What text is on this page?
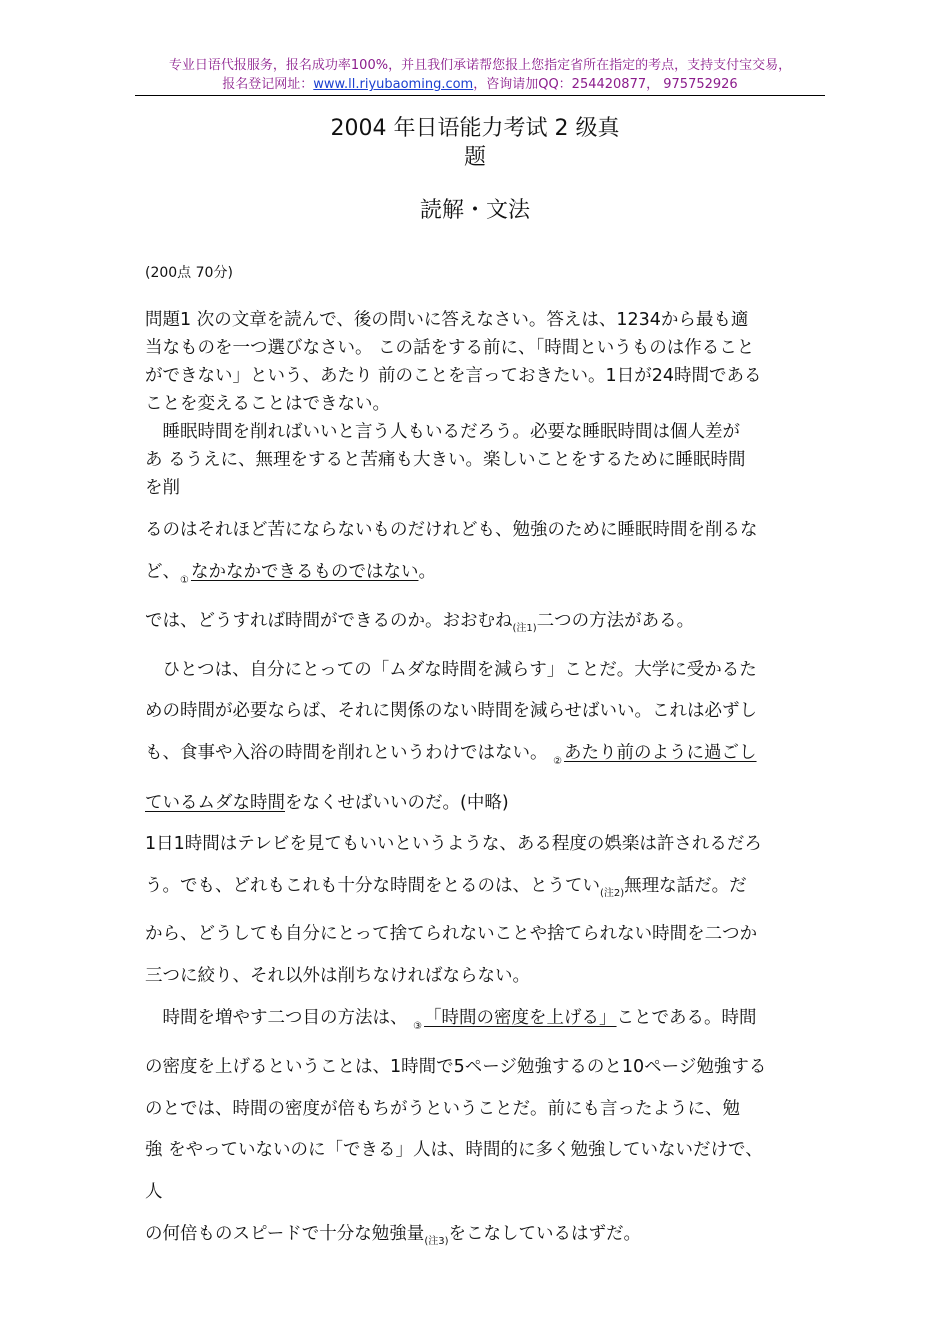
专业日语代报服务，报名成功率100%，并且我们承诺帮您报上您指定省所在指定的考点，支持支付宝交易，
报名登记网址：www.ll.riyubaoming.com，咨询请加QQ：254420877， 975752926
2004 年日语能力考试 2 级真
题
読解・文法
(200点 70分)
問題1 次の文章を読んで、後の問いに答えなさい。答えは、1234から最も適
当なものを一つ選びなさい。 この話をする前に、「時間というものは作ること
ができない」という、あたり 前のことを言っておきたい。1日が24時間である
ことを変えることはできない。
　睡眠時間を削ればいいと言う人もいるだろう。必要な睡眠時間は個人差が
あ るうえに、無理をすると苦痛も大きい。楽しいことをするために睡眠時間
を削
るのはそれほど苦にならないものだけれども、勉強のために睡眠時間を削るな
ど、$_①$ なかなかできるものではない。
では、どうすれば時間ができるのか。おおむね$_{(注1)}$二つの方法がある。
　ひとつは、自分にとっての「ムダな時間を減らす」ことだ。大学に受かるた
めの時間が必要ならば、それに関係のない時間を減らせばいい。これは必ずし
も、食事や入浴の時間を削れというわけではない。 $_②$ あたり前のように過ごし
ているムダな時間をなくせばいいのだ。(中略)
1日1時間はテレビを見てもいいというような、ある程度の娯楽は許されるだろ
う。でも、どれもこれも十分な時間をとるのは、とうてい$_{(注2)}$無理な話だ。だ
から、どうしても自分にとって捨てられないことや捨てられない時間を二つか
三つに絞り、それ以外は削ちなければならない。
　時間を増やす二つ目の方法は、 $_③$ 「時間の密度を上げる」ことである。時間
の密度を上げるということは、1時間で5ページ勉強するのと10ページ勉強する
のとでは、時間の密度が倍もちがうということだ。前にも言ったように、勉
強 をやっていないのに「できる」人は、時間的に多く勉強していないだけで、
人
の何倍ものスピードで十分な勉強量$_{(注3)}$をこなしているはずだ。
